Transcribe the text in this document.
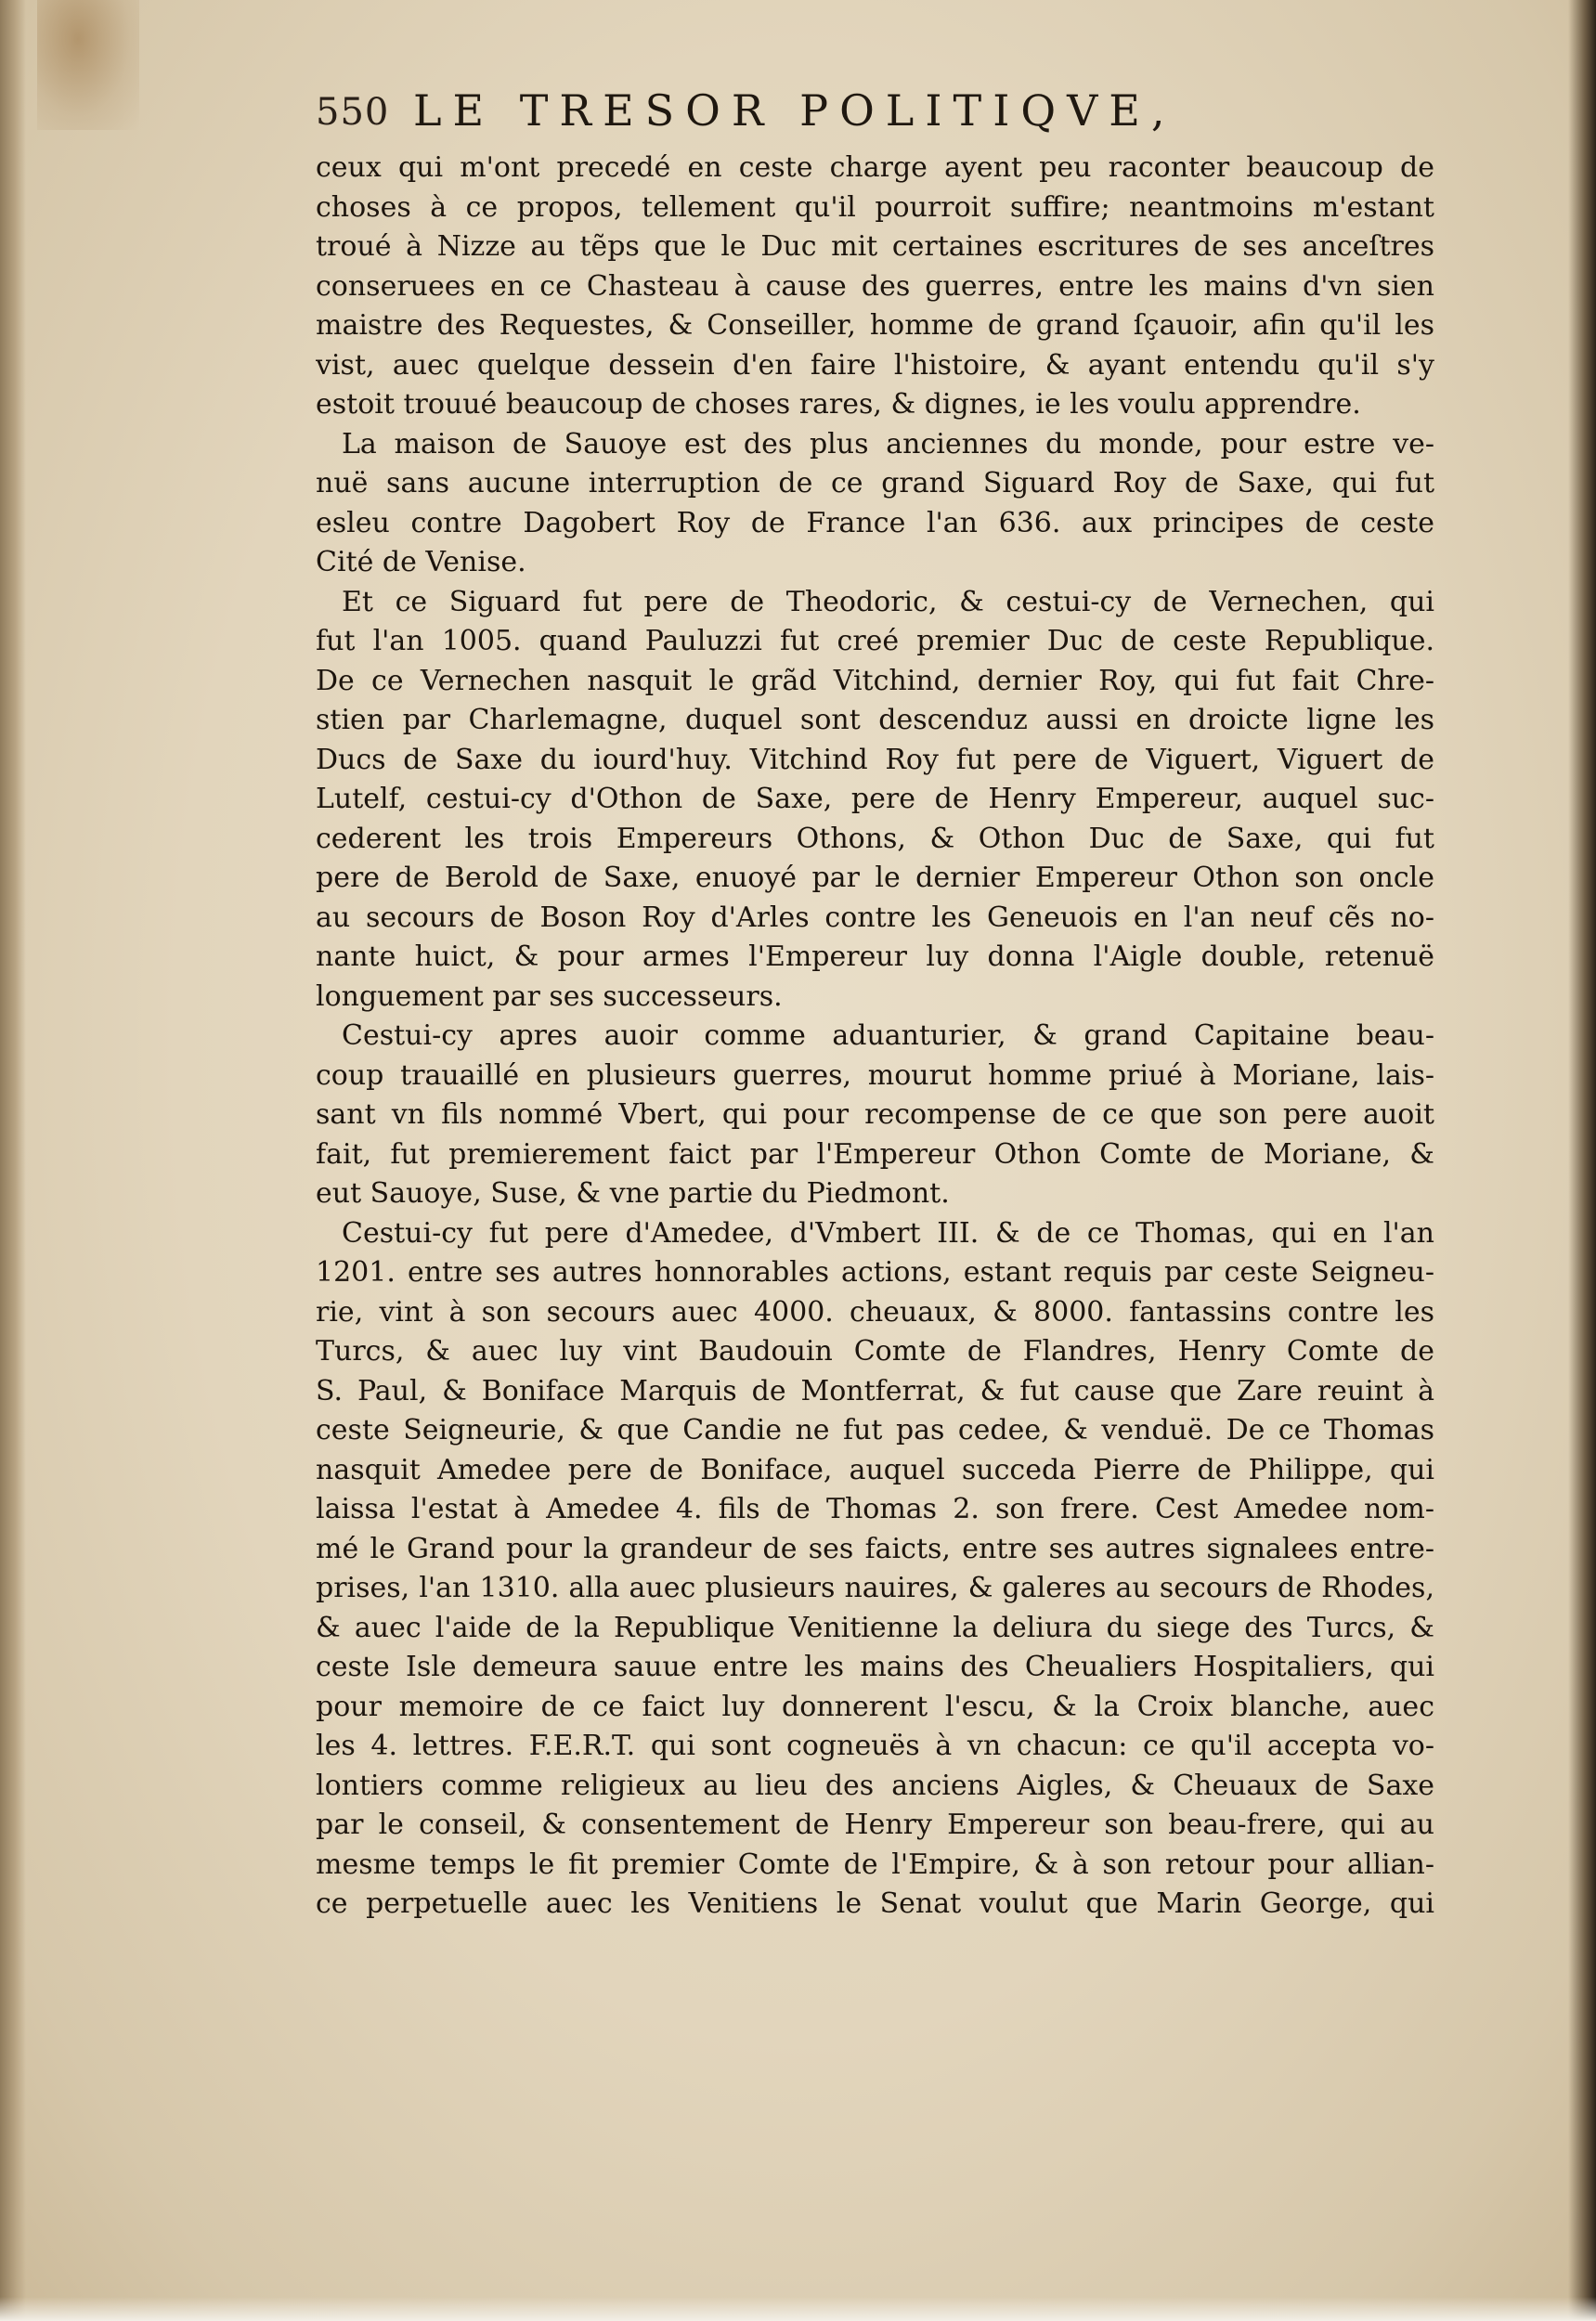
550 LE TRESOR POLITIQVE,
ceux qui m'ont precedé en ceste charge ayent peu raconter beaucoup de
choses à ce propos, tellement qu'il pourroit suffire; neantmoins m'estant
troué à Nizze au tẽps que le Duc mit certaines escritures de ses anceſtres
conseruees en ce Chasteau à cause des guerres, entre les mains d'vn sien
maistre des Requestes, & Conseiller, homme de grand ſçauoir, afin qu'il les
vist, auec quelque dessein d'en faire l'histoire, & ayant entendu qu'il s'y
estoit trouué beaucoup de choses rares, & dignes, ie les voulu apprendre.
La maison de Sauoye est des plus anciennes du monde, pour estre ve-
nuë sans aucune interruption de ce grand Siguard Roy de Saxe, qui fut
esleu contre Dagobert Roy de France l'an 636. aux principes de ceste
Cité de Venise.
Et ce Siguard fut pere de Theodoric, & cestui-cy de Vernechen, qui
fut l'an 1005. quand Pauluzzi fut creé premier Duc de ceste Republique.
De ce Vernechen nasquit le grãd Vitchind, dernier Roy, qui fut fait Chre-
stien par Charlemagne, duquel sont descenduz aussi en droicte ligne les
Ducs de Saxe du iourd'huy. Vitchind Roy fut pere de Viguert, Viguert de
Lutelf, cestui-cy d'Othon de Saxe, pere de Henry Empereur, auquel suc-
cederent les trois Empereurs Othons, & Othon Duc de Saxe, qui fut
pere de Berold de Saxe, enuoyé par le dernier Empereur Othon son oncle
au secours de Boson Roy d'Arles contre les Geneuois en l'an neuf cẽs no-
nante huict, & pour armes l'Empereur luy donna l'Aigle double, retenuë
longuement par ses successeurs.
Cestui-cy apres auoir comme aduanturier, & grand Capitaine beau-
coup trauaillé en plusieurs guerres, mourut homme priué à Moriane, lais-
sant vn fils nommé Vbert, qui pour recompense de ce que son pere auoit
fait, fut premierement faict par l'Empereur Othon Comte de Moriane, &
eut Sauoye, Suse, & vne partie du Piedmont.
Cestui-cy fut pere d'Amedee, d'Vmbert III. & de ce Thomas, qui en l'an
1201. entre ses autres honnorables actions, estant requis par ceste Seigneu-
rie, vint à son secours auec 4000. cheuaux, & 8000. fantassins contre les
Turcs, & auec luy vint Baudouin Comte de Flandres, Henry Comte de
S. Paul, & Boniface Marquis de Montferrat, & fut cause que Zare reuint à
ceste Seigneurie, & que Candie ne fut pas cedee, & venduë. De ce Thomas
nasquit Amedee pere de Boniface, auquel succeda Pierre de Philippe, qui
laissa l'estat à Amedee 4. fils de Thomas 2. son frere. Cest Amedee nom-
mé le Grand pour la grandeur de ses faicts, entre ses autres signalees entre-
prises, l'an 1310. alla auec plusieurs nauires, & galeres au secours de Rhodes,
& auec l'aide de la Republique Venitienne la deliura du siege des Turcs, &
ceste Isle demeura sauue entre les mains des Cheualiers Hospitaliers, qui
pour memoire de ce faict luy donnerent l'escu, & la Croix blanche, auec
les 4. lettres. F.E.R.T. qui sont cogneuës à vn chacun: ce qu'il accepta vo-
lontiers comme religieux au lieu des anciens Aigles, & Cheuaux de Saxe
par le conseil, & consentement de Henry Empereur son beau-frere, qui au
mesme temps le fit premier Comte de l'Empire, & à son retour pour allian-
ce perpetuelle auec les Venitiens le Senat voulut que Marin George, qui
